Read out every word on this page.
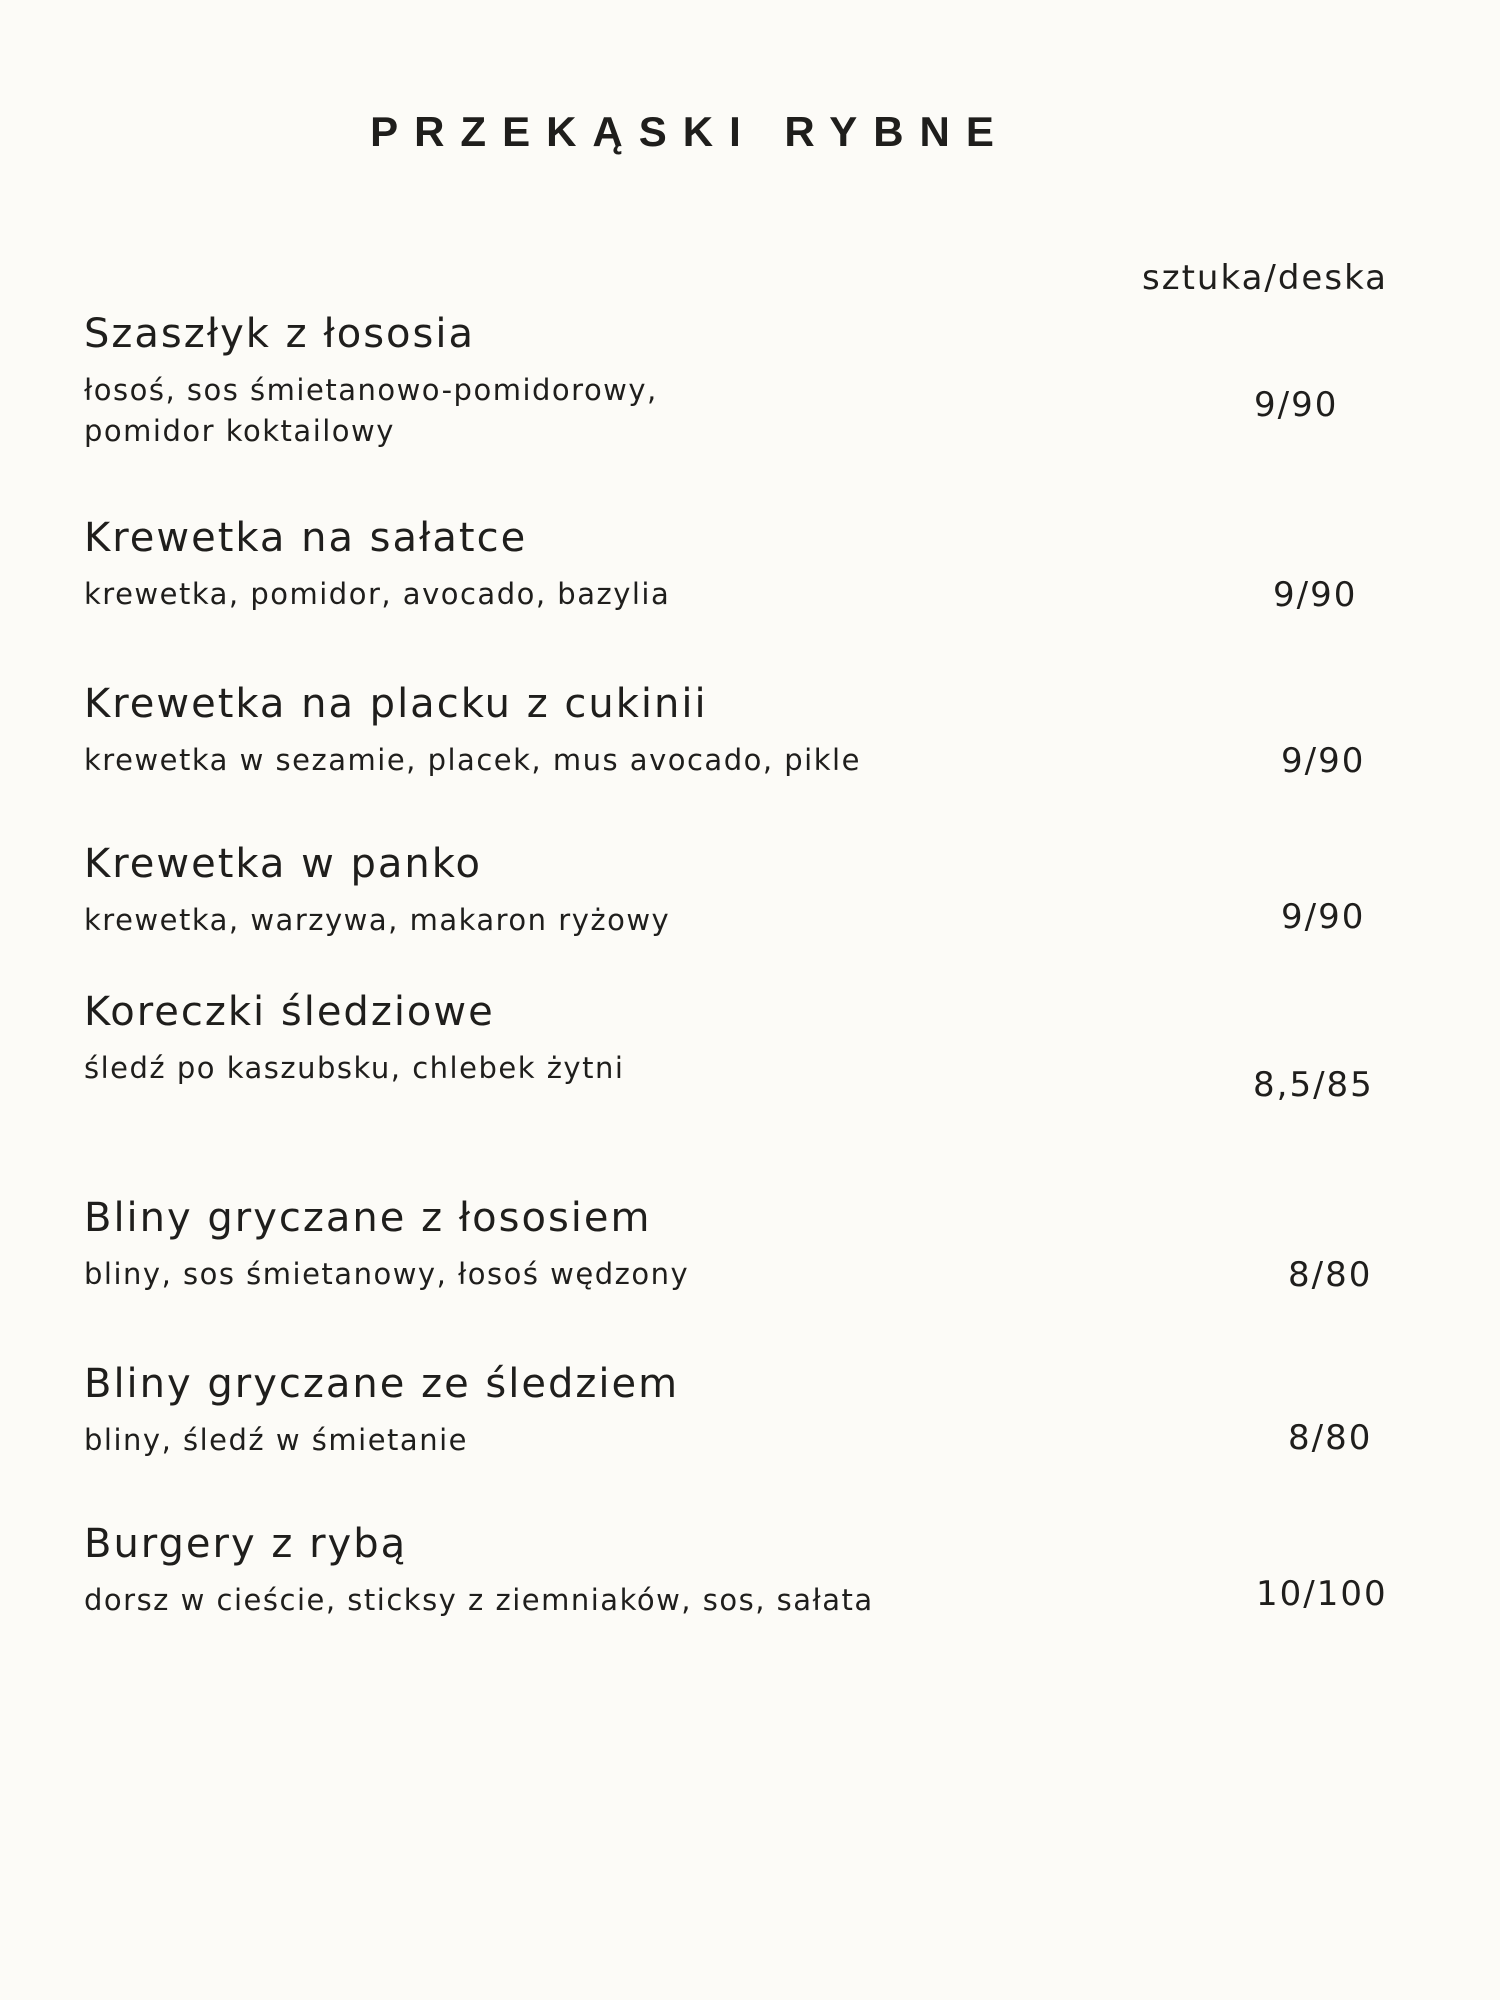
PRZEKĄSKI RYBNE
sztuka/deska
Szaszłyk z łososia
łosoś, sos śmietanowo-pomidorowy,
pomidor koktailowy
9/90
Krewetka na sałatce
krewetka, pomidor, avocado, bazylia	9/90
Krewetka na placku z cukinii
krewetka w sezamie, placek, mus avocado, pikle	9/90
Krewetka w panko
krewetka, warzywa, makaron ryżowy	9/90
Koreczki śledziowe
śledź po kaszubsku, chlebek żytni	8,5/85
Bliny gryczane z łososiem
bliny, sos śmietanowy, łosoś wędzony	8/80
Bliny gryczane ze śledziem
bliny, śledź w śmietanie	8/80
Burgery z rybą
dorsz w cieście, sticksy z ziemniaków, sos, sałata	10/100
